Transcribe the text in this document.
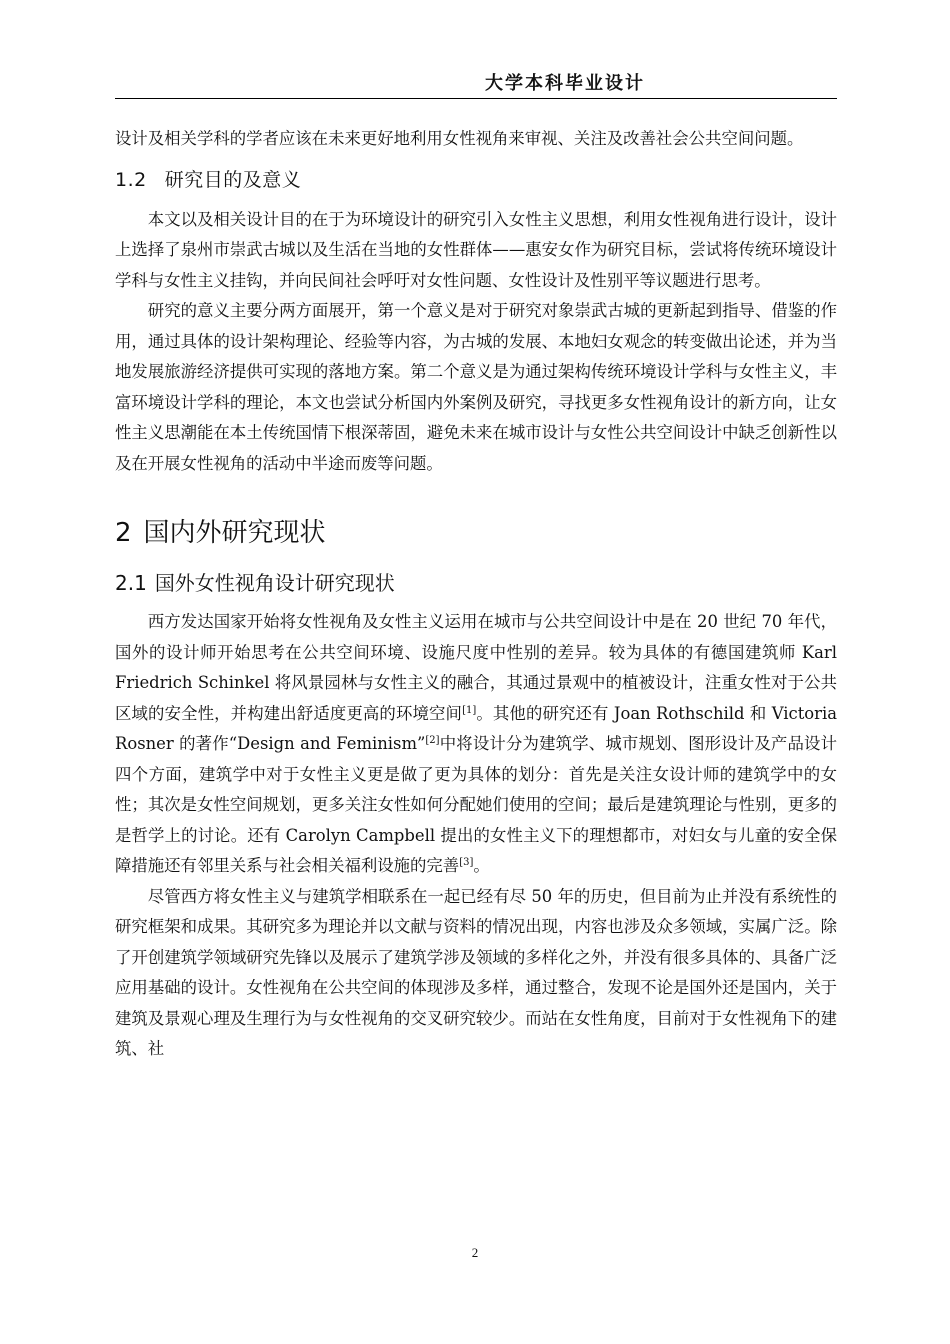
大学本科毕业设计

设计及相关学科的学者应该在未来更好地利用女性视角来审视、关注及改善社会公共空间问题。

1.2 研究目的及意义

本文以及相关设计目的在于为环境设计的研究引入女性主义思想，利用女性视角进行设计，设计上选择了泉州市崇武古城以及生活在当地的女性群体——惠安女作为研究目标，尝试将传统环境设计学科与女性主义挂钩，并向民间社会呼吁对女性问题、女性设计及性别平等议题进行思考。

研究的意义主要分两方面展开，第一个意义是对于研究对象崇武古城的更新起到指导、借鉴的作用，通过具体的设计架构理论、经验等内容，为古城的发展、本地妇女观念的转变做出论述，并为当地发展旅游经济提供可实现的落地方案。第二个意义是为通过架构传统环境设计学科与女性主义，丰富环境设计学科的理论，本文也尝试分析国内外案例及研究，寻找更多女性视角设计的新方向，让女性主义思潮能在本土传统国情下根深蒂固，避免未来在城市设计与女性公共空间设计中缺乏创新性以及在开展女性视角的活动中半途而废等问题。

2 国内外研究现状
2.1 国外女性视角设计研究现状

西方发达国家开始将女性视角及女性主义运用在城市与公共空间设计中是在 20 世纪 70 年代，国外的设计师开始思考在公共空间环境、设施尺度中性别的差异。较为具体的有德国建筑师 Karl Friedrich Schinkel 将风景园林与女性主义的融合，其通过景观中的植被设计，注重女性对于公共区域的安全性，并构建出舒适度更高的环境空间[1]。其他的研究还有 Joan Rothschild 和 Victoria Rosner 的著作“Design and Feminism”[2]中将设计分为建筑学、城市规划、图形设计及产品设计四个方面，建筑学中对于女性主义更是做了更为具体的划分：首先是关注女设计师的建筑学中的女性；其次是女性空间规划，更多关注女性如何分配她们使用的空间；最后是建筑理论与性别，更多的是哲学上的讨论。还有 Carolyn Campbell 提出的女性主义下的理想都市，对妇女与儿童的安全保障措施还有邻里关系与社会相关福利设施的完善[3]。

尽管西方将女性主义与建筑学相联系在一起已经有尽 50 年的历史，但目前为止并没有系统性的研究框架和成果。其研究多为理论并以文献与资料的情况出现，内容也涉及众多领域，实属广泛。除了开创建筑学领域研究先锋以及展示了建筑学涉及领域的多样化之外，并没有很多具体的、具备广泛应用基础的设计。女性视角在公共空间的体现涉及多样，通过整合，发现不论是国外还是国内，关于建筑及景观心理及生理行为与女性视角的交叉研究较少。而站在女性角度，目前对于女性视角下的建筑、社

2
